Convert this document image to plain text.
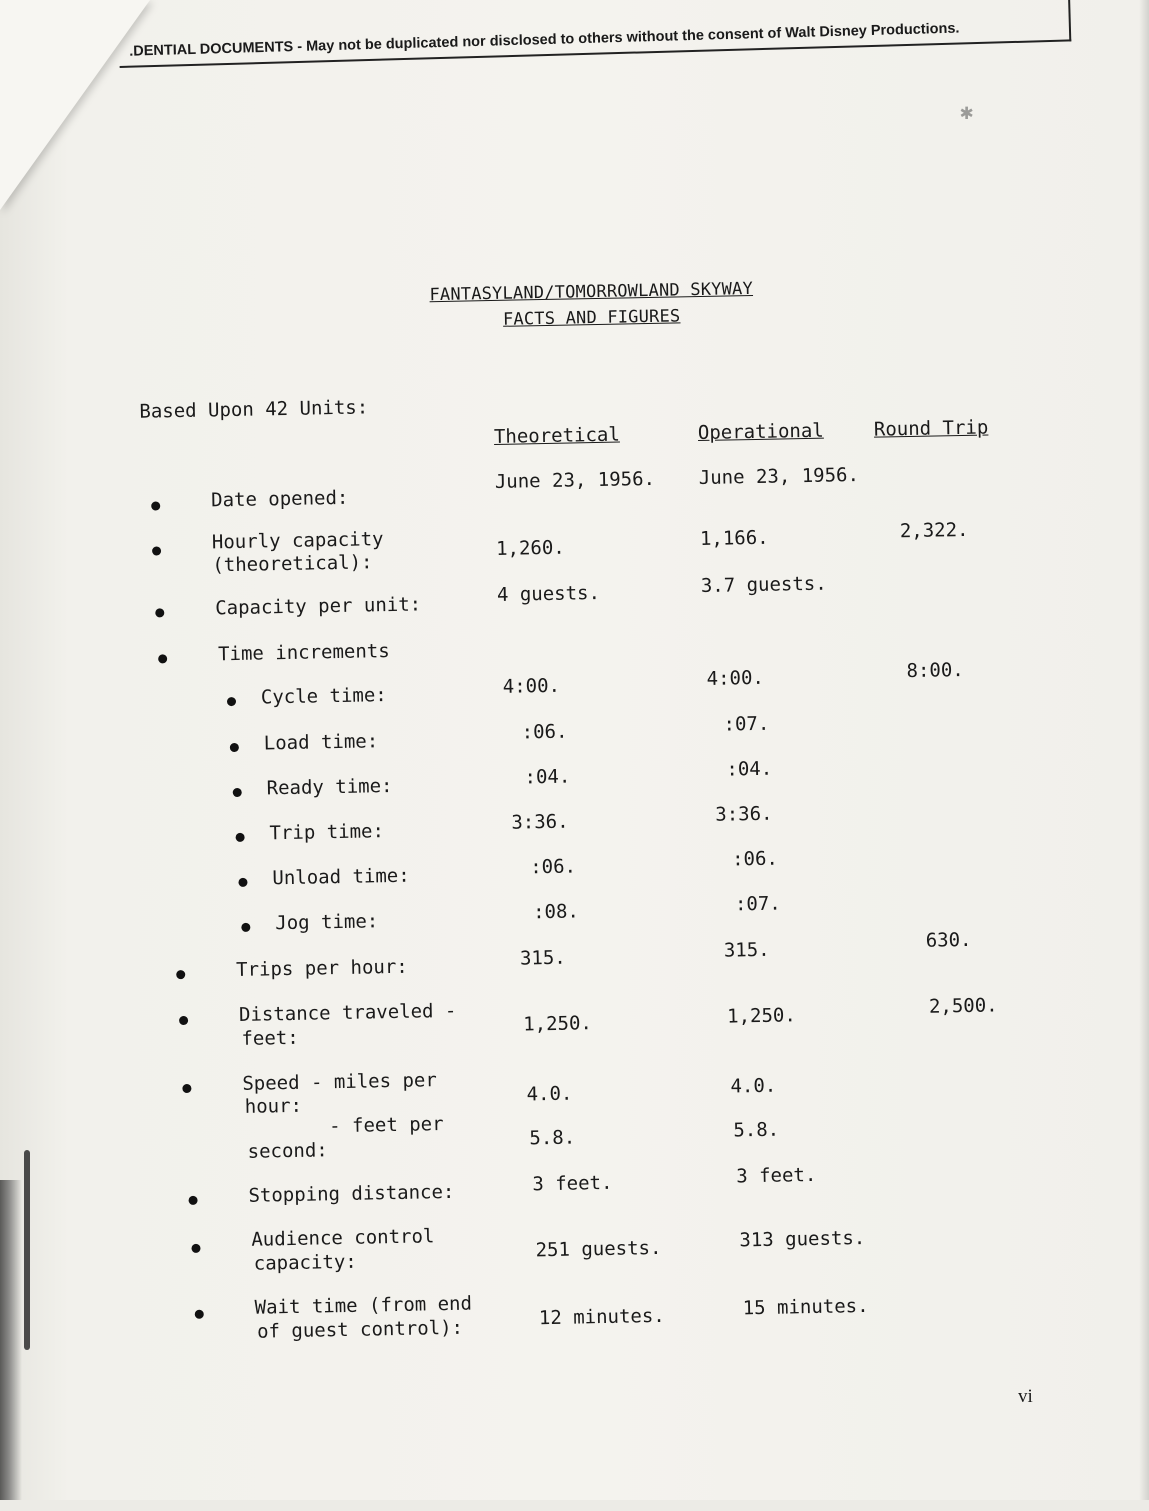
.DENTIAL DOCUMENTS - May not be duplicated nor disclosed to others without the consent of Walt Disney Productions.
✱
FANTASYLAND/TOMORROWLAND SKYWAY
FACTS AND FIGURES
Based Upon 42 Units:
Theoretical	Operational	Round Trip
Date opened:
June 23, 1956. June 23, 1956.
Hourly capacity
(theoretical):
1,260.	1,166.	2,322.
Capacity per unit:	4 guests.	3.7 guests.
Time increments
Cycle time:	4:00.	4:00.	8:00.
Load time:	:06.	:07.
Ready time:	:04.	:04.
Trip time:	3:36.	3:36.
Unload time:	:06.	:06.
Jog time:	:08.	:07.
Trips per hour:	315.	315.	630.
Distance traveled -
feet:
1,250.	1,250.	2,500.
Speed - miles per
hour:
- feet per
second:
4.0.	4.0.
5.8.	5.8.
Stopping distance:	3 feet.	3 feet.
Audience control
capacity:
251 guests.	313 guests.
Wait time (from end
of guest control):	12 minutes.	15 minutes.
vi
